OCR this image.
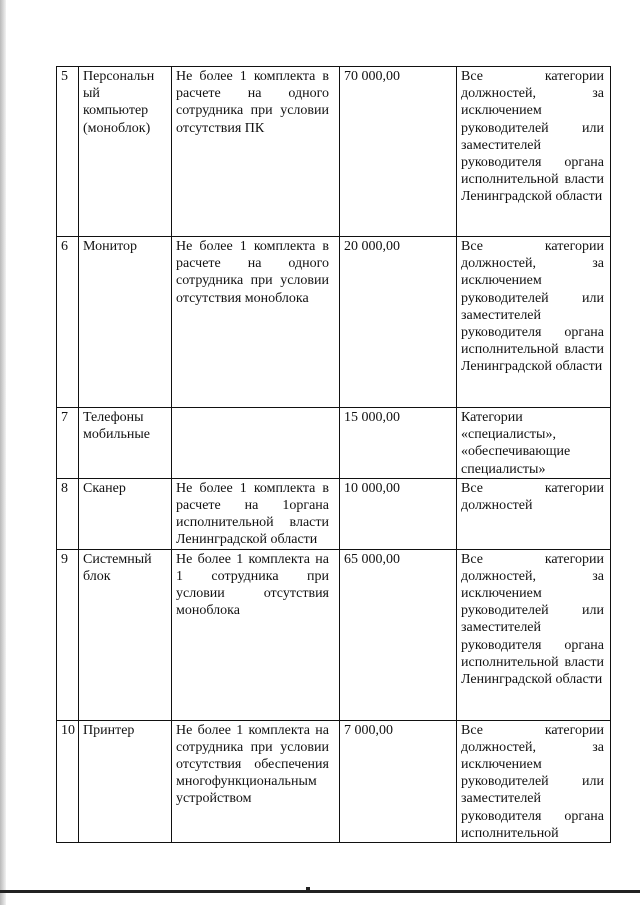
5	Персональн
ый
компьютер
(моноблок)	Не более 1 комплекта в расчете на одного сотрудника при условии отсутствия ПК	70 000,00	Все категории должностей, за исключением руководителей или заместителей руководителя органа исполнительной власти Ленинградской области
6	Монитор	Не более 1 комплекта в расчете на одного сотрудника при условии отсутствия моноблока	20 000,00	Все категории должностей, за исключением руководителей или заместителей руководителя органа исполнительной власти Ленинградской области
7	Телефоны
мобильные		15 000,00	Категории «специалисты», «обеспечивающие специалисты»
8	Сканер	Не более 1 комплекта в расчете на 1органа исполнительной власти Ленинградской области	10 000,00	Все категории должностей
9	Системный
блок	Не более 1 комплекта на 1 сотрудника при условии отсутствия моноблока	65 000,00	Все категории должностей, за исключением руководителей или заместителей руководителя органа исполнительной власти Ленинградской области
10	Принтер	Не более 1 комплекта на сотрудника при условии отсутствия обеспечения многофункциональным устройством	7 000,00	Все категории должностей, за исключением руководителей или заместителей руководителя органа исполнительной
